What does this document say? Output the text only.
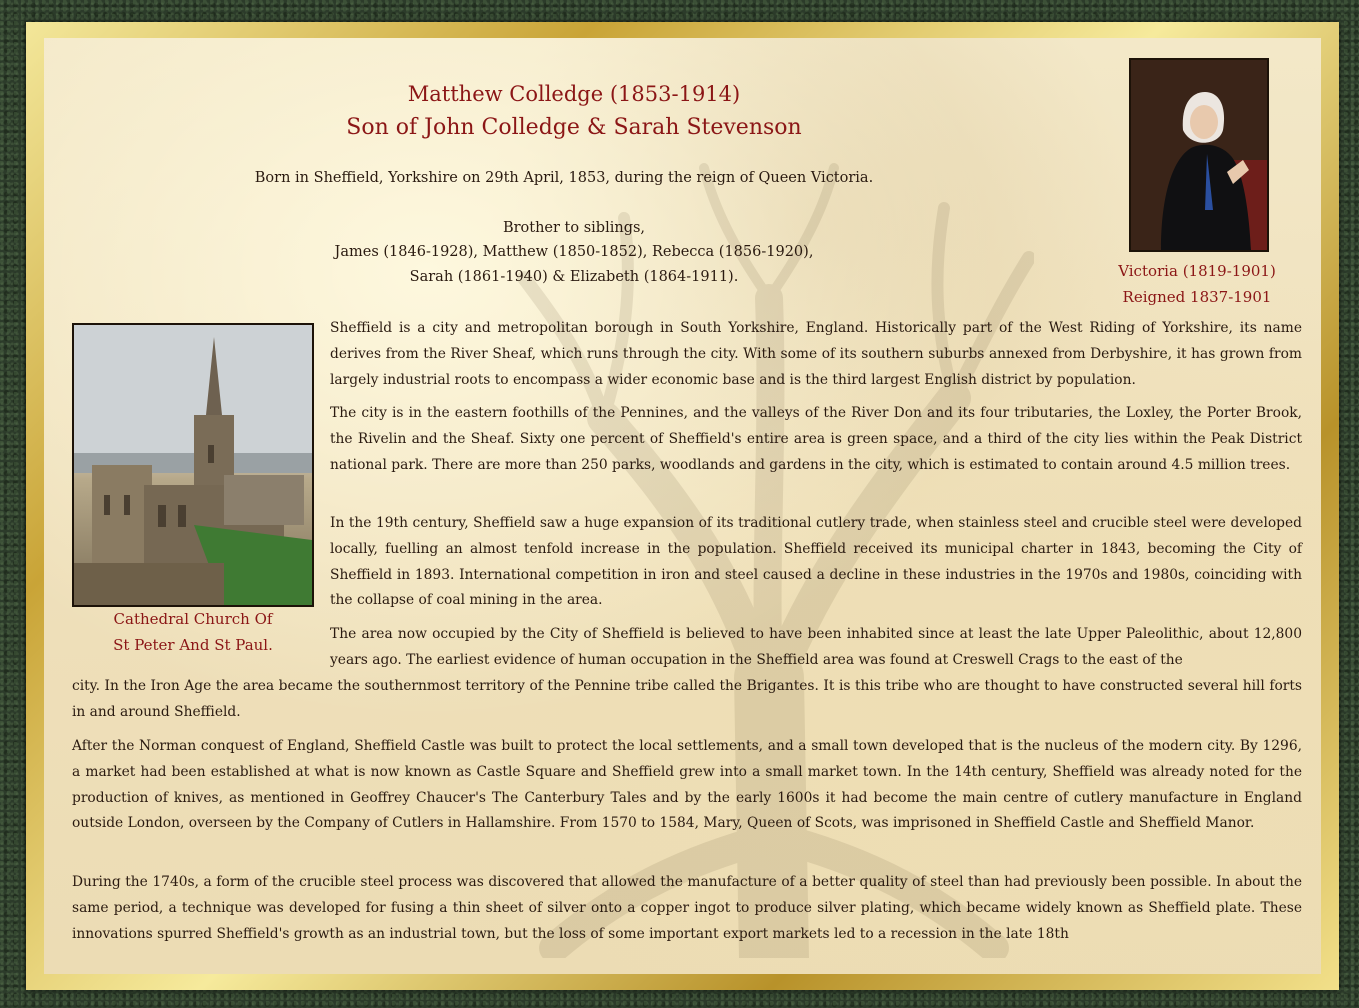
Matthew Colledge (1853-1914)
Son of John Colledge & Sarah Stevenson
Born in Sheffield, Yorkshire on 29th April, 1853, during the reign of Queen Victoria.
Brother to siblings,
James (1846-1928), Matthew (1850-1852), Rebecca (1856-1920),
Sarah (1861-1940) & Elizabeth (1864-1911).	Victoria (1819-1901)
Reigned 1837-1901
Cathedral Church Of
St Peter And St Paul.

Sheffield is a city and metropolitan borough in South Yorkshire, England. Historically part of the West Riding of Yorkshire, its name derives from the River Sheaf, which runs through the city. With some of its southern suburbs annexed from Derbyshire, it has grown from largely industrial roots to encompass a wider economic base and is the third largest English district by population.

The city is in the eastern foothills of the Pennines, and the valleys of the River Don and its four tributaries, the Loxley, the Porter Brook, the Rivelin and the Sheaf. Sixty one percent of Sheffield's entire area is green space, and a third of the city lies within the Peak District national park. There are more than 250 parks, woodlands and gardens in the city, which is estimated to contain around 4.5 million trees.

In the 19th century, Sheffield saw a huge expansion of its traditional cutlery trade, when stainless steel and crucible steel were developed locally, fuelling an almost tenfold increase in the population. Sheffield received its municipal charter in 1843, becoming the City of Sheffield in 1893. International competition in iron and steel caused a decline in these industries in the 1970s and 1980s, coinciding with the collapse of coal mining in the area.

The area now occupied by the City of Sheffield is believed to have been inhabited since at least the late Upper Paleolithic, about 12,800 years ago. The earliest evidence of human occupation in the Sheffield area was found at Creswell Crags to the east of the

city. In the Iron Age the area became the southernmost territory of the Pennine tribe called the Brigantes. It is this tribe who are thought to have constructed several hill forts in and around Sheffield.

After the Norman conquest of England, Sheffield Castle was built to protect the local settlements, and a small town developed that is the nucleus of the modern city. By 1296, a market had been established at what is now known as Castle Square and Sheffield grew into a small market town. In the 14th century, Sheffield was already noted for the production of knives, as mentioned in Geoffrey Chaucer's The Canterbury Tales and by the early 1600s it had become the main centre of cutlery manufacture in England outside London, overseen by the Company of Cutlers in Hallamshire. From 1570 to 1584, Mary, Queen of Scots, was imprisoned in Sheffield Castle and Sheffield Manor.

During the 1740s, a form of the crucible steel process was discovered that allowed the manufacture of a better quality of steel than had previously been possible. In about the same period, a technique was developed for fusing a thin sheet of silver onto a copper ingot to produce silver plating, which became widely known as Sheffield plate. These innovations spurred Sheffield's growth as an industrial town, but the loss of some important export markets led to a recession in the late 18th
